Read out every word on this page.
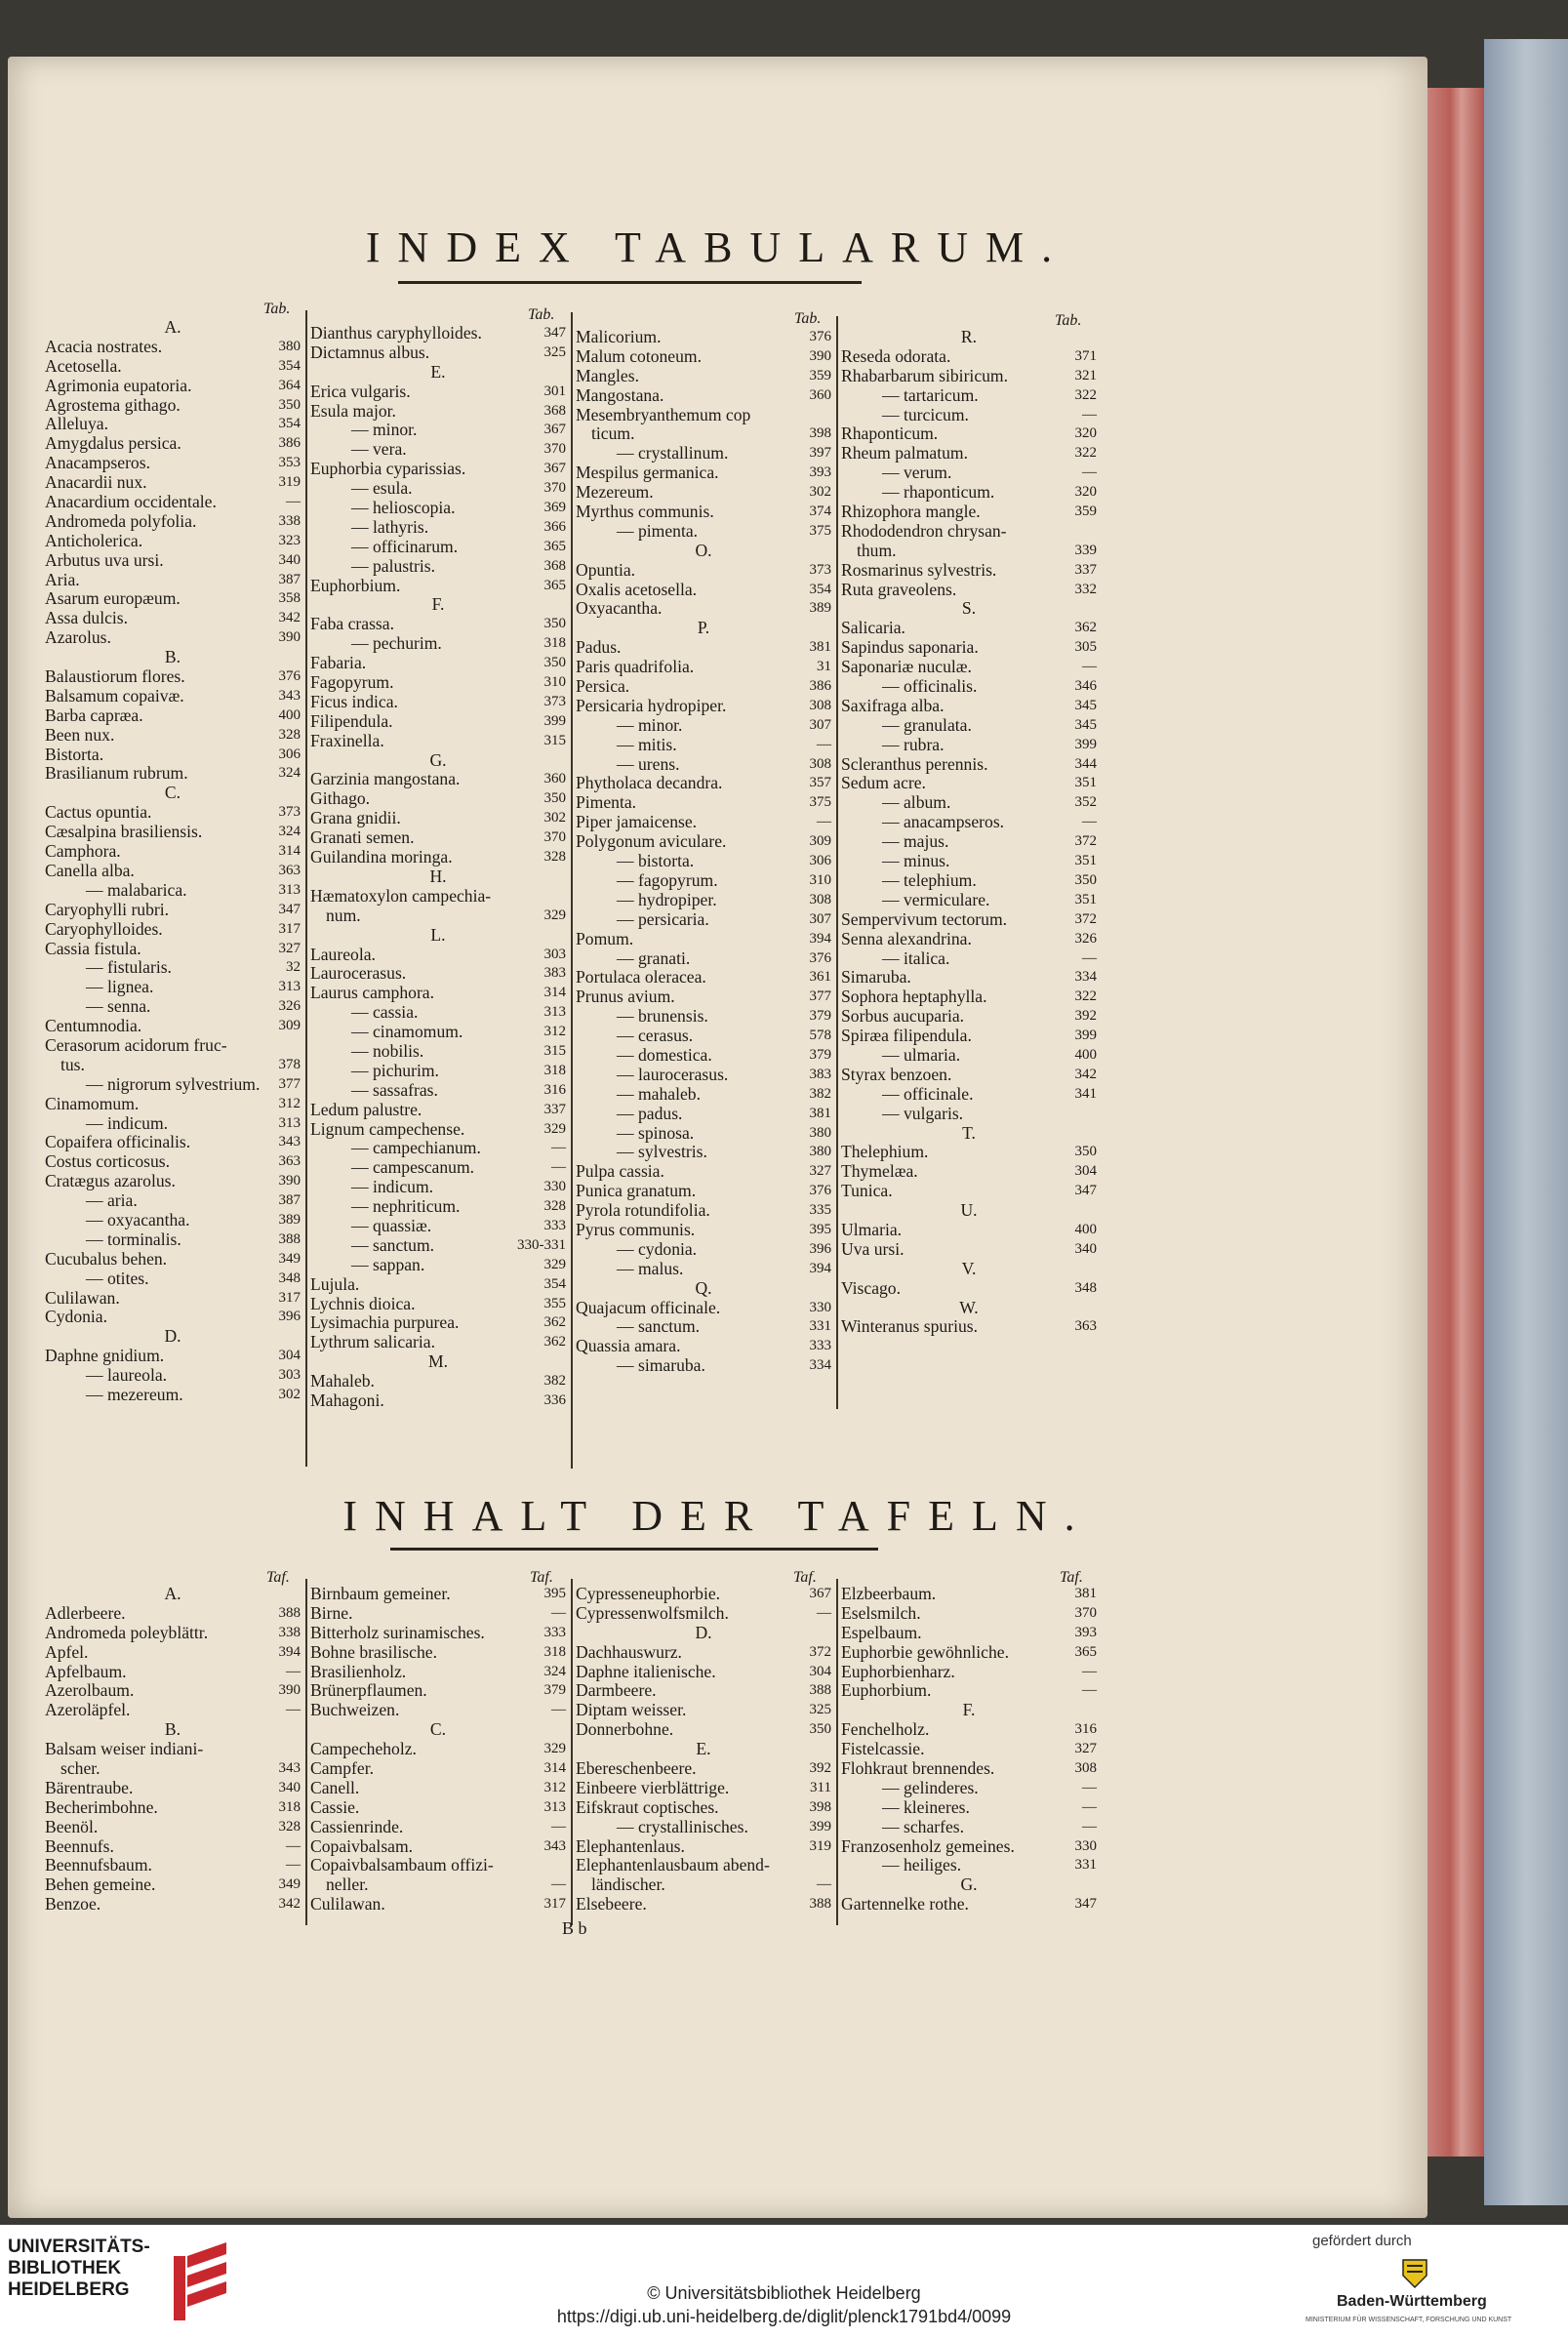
INDEX TABULARUM.
Tab.	Tab.	Tab.	Tab.
A.
Acacia nostrates.	380
Acetosella.	354
Agrimonia eupatoria.	364
Agrostema githago.	350
Alleluya.	354
Amygdalus persica.	386
Anacampseros.	353
Anacardii nux.	319
Anacardium occidentale.	—
Andromeda polyfolia.	338
Anticholerica.	323
Arbutus uva ursi.	340
Aria.	387
Asarum europæum.	358
Assa dulcis.	342
Azarolus.	390
B.
Balaustiorum flores.	376
Balsamum copaivæ.	343
Barba capræa.	400
Been nux.	328
Bistorta.	306
Brasilianum rubrum.	324
C.
Cactus opuntia.	373
Cæsalpina brasiliensis.	324
Camphora.	314
Canella alba.	363
— malabarica.	313
Caryophylli rubri.	347
Caryophylloides.	317
Cassia fistula.	327
— fistularis.	32
— lignea.	313
— senna.	326
Centumnodia.	309
Cerasorum acidorum fruc-
tus.	378
— nigrorum sylvestrium. 377
Cinamomum.	312
— indicum.	313
Copaifera officinalis.	343
Costus corticosus.	363
Cratægus azarolus.	390
— aria.	387
— oxyacantha.	389
— torminalis.	388
Cucubalus behen.	349
— otites.	348
Culilawan.	317
Cydonia.	396
D.
Daphne gnidium.	304
— laureola.	303
— mezereum.	302
Dianthus caryphylloides.	347
Dictamnus albus.	325
E.
Erica vulgaris.	301
Esula major.	368
— minor.	367
— vera.	370
Euphorbia cyparissias.	367
— esula.	370
— helioscopia.	369
— lathyris.	366
— officinarum.	365
— palustris.	368
Euphorbium.	365
F.
Faba crassa.	350
— pechurim.	318
Fabaria.	350
Fagopyrum.	310
Ficus indica.	373
Filipendula.	399
Fraxinella.	315
G.
Garzinia mangostana.	360
Githago.	350
Grana gnidii.	302
Granati semen.	370
Guilandina moringa.	328
H.
Hæmatoxylon campechia-
num.	329
L.
Laureola.	303
Laurocerasus.	383
Laurus camphora.	314
— cassia.	313
— cinamomum.	312
— nobilis.	315
— pichurim.	318
— sassafras.	316
Ledum palustre.	337
Lignum campechense.	329
— campechianum.	—
— campescanum.	—
— indicum.	330
— nephriticum.	328
— quassiæ.	333
— sanctum.	330-331
— sappan.	329
Lujula.	354
Lychnis dioica.	355
Lysimachia purpurea.	362
Lythrum salicaria.	362
M.
Mahaleb.	382
Mahagoni.	336
Malicorium.	376
Malum cotoneum.	390
Mangles.	359
Mangostana.	360
Mesembryanthemum cop
ticum.	398
— crystallinum.	397
Mespilus germanica.	393
Mezereum.	302
Myrthus communis.	374
— pimenta.	375
O.
Opuntia.	373
Oxalis acetosella.	354
Oxyacantha.	389
P.
Padus.	381
Paris quadrifolia.	31
Persica.	386
Persicaria hydropiper.	308
— minor.	307
— mitis.	—
— urens.	308
Phytholaca decandra.	357
Pimenta.	375
Piper jamaicense.	—
Polygonum aviculare.	309
— bistorta.	306
— fagopyrum.	310
— hydropiper.	308
— persicaria.	307
Pomum.	394
— granati.	376
Portulaca oleracea.	361
Prunus avium.	377
— brunensis.	379
— cerasus.	578
— domestica.	379
— laurocerasus.	383
— mahaleb.	382
— padus.	381
— spinosa.	380
— sylvestris.	380
Pulpa cassia.	327
Punica granatum.	376
Pyrola rotundifolia.	335
Pyrus communis.	395
— cydonia.	396
— malus.	394
Q.
Quajacum officinale.	330
— sanctum.	331
Quassia amara.	333
— simaruba.	334
R.
Reseda odorata.	371
Rhabarbarum sibiricum.	321
— tartaricum.	322
— turcicum.	—
Rhaponticum.	320
Rheum palmatum.	322
— verum.	—
— rhaponticum.	320
Rhizophora mangle.	359
Rhododendron chrysan-
thum.	339
Rosmarinus sylvestris.	337
Ruta graveolens.	332
S.
Salicaria.	362
Sapindus saponaria.	305
Saponariæ nuculæ.	—
— officinalis.	346
Saxifraga alba.	345
— granulata.	345
— rubra.	399
Scleranthus perennis.	344
Sedum acre.	351
— album.	352
— anacampseros.	—
— majus.	372
— minus.	351
— telephium.	350
— vermiculare.	351
Sempervivum tectorum.	372
Senna alexandrina.	326
— italica.	—
Simaruba.	334
Sophora heptaphylla.	322
Sorbus aucuparia.	392
Spiræa filipendula.	399
— ulmaria.	400
Styrax benzoen.	342
— officinale.	341
— vulgaris.
T.
Thelephium.	350
Thymelæa.	304
Tunica.	347
U.
Ulmaria.	400
Uva ursi.	340
V.
Viscago.	348
W.
Winteranus spurius.	363
INHALT DER TAFELN.
Taf.	Taf.	Taf.	Taf.
A.
Adlerbeere.	388
Andromeda poleyblättr.	338
Apfel.	394
Apfelbaum.	—
Azerolbaum.	390
Azeroläpfel.	—
B.
Balsam weiser indiani-
scher.	343
Bärentraube.	340
Becherimbohne.	318
Beenöl.	328
Beennufs.	—
Beennufsbaum.	—
Behen gemeine.	349
Benzoe.	342
Birnbaum gemeiner.	395
Birne.	—
Bitterholz surinamisches.	333
Bohne brasilische.	318
Brasilienholz.	324
Brünerpflaumen.	379
Buchweizen.	—
C.
Campecheholz.	329
Campfer.	314
Canell.	312
Cassie.	313
Cassienrinde.	—
Copaivbalsam.	343
Copaivbalsambaum offizi-
neller.	—
Culilawan.	317
Cypresseneuphorbie.	367
Cypressenwolfsmilch.	—
D.
Dachhauswurz.	372
Daphne italienische.	304
Darmbeere.	388
Diptam weisser.	325
Donnerbohne.	350
E.
Ebereschenbeere.	392
Einbeere vierblättrige.	311
Eifskraut coptisches.	398
— crystallinisches.	399
Elephantenlaus.	319
Elephantenlausbaum abend-
ländischer.	—
Elsebeere.	388
Elzbeerbaum.	381
Eselsmilch.	370
Espelbaum.	393
Euphorbie gewöhnliche.	365
Euphorbienharz.	—
Euphorbium.	—
F.
Fenchelholz.	316
Fistelcassie.	327
Flohkraut brennendes.	308
— gelinderes.	—
— kleineres.	—
— scharfes.	—
Franzosenholz gemeines.	330
— heiliges.	331
G.
Gartennelke rothe.	347
B b
UNIVERSITÄTS-
BIBLIOTHEK
HEIDELBERG	© Universitätsbibliothek Heidelberg
https://digi.ub.uni-heidelberg.de/diglit/plenck1791bd4/0099
gefördert durch
Baden-Württemberg
MINISTERIUM FÜR WISSENSCHAFT, FORSCHUNG UND KUNST
